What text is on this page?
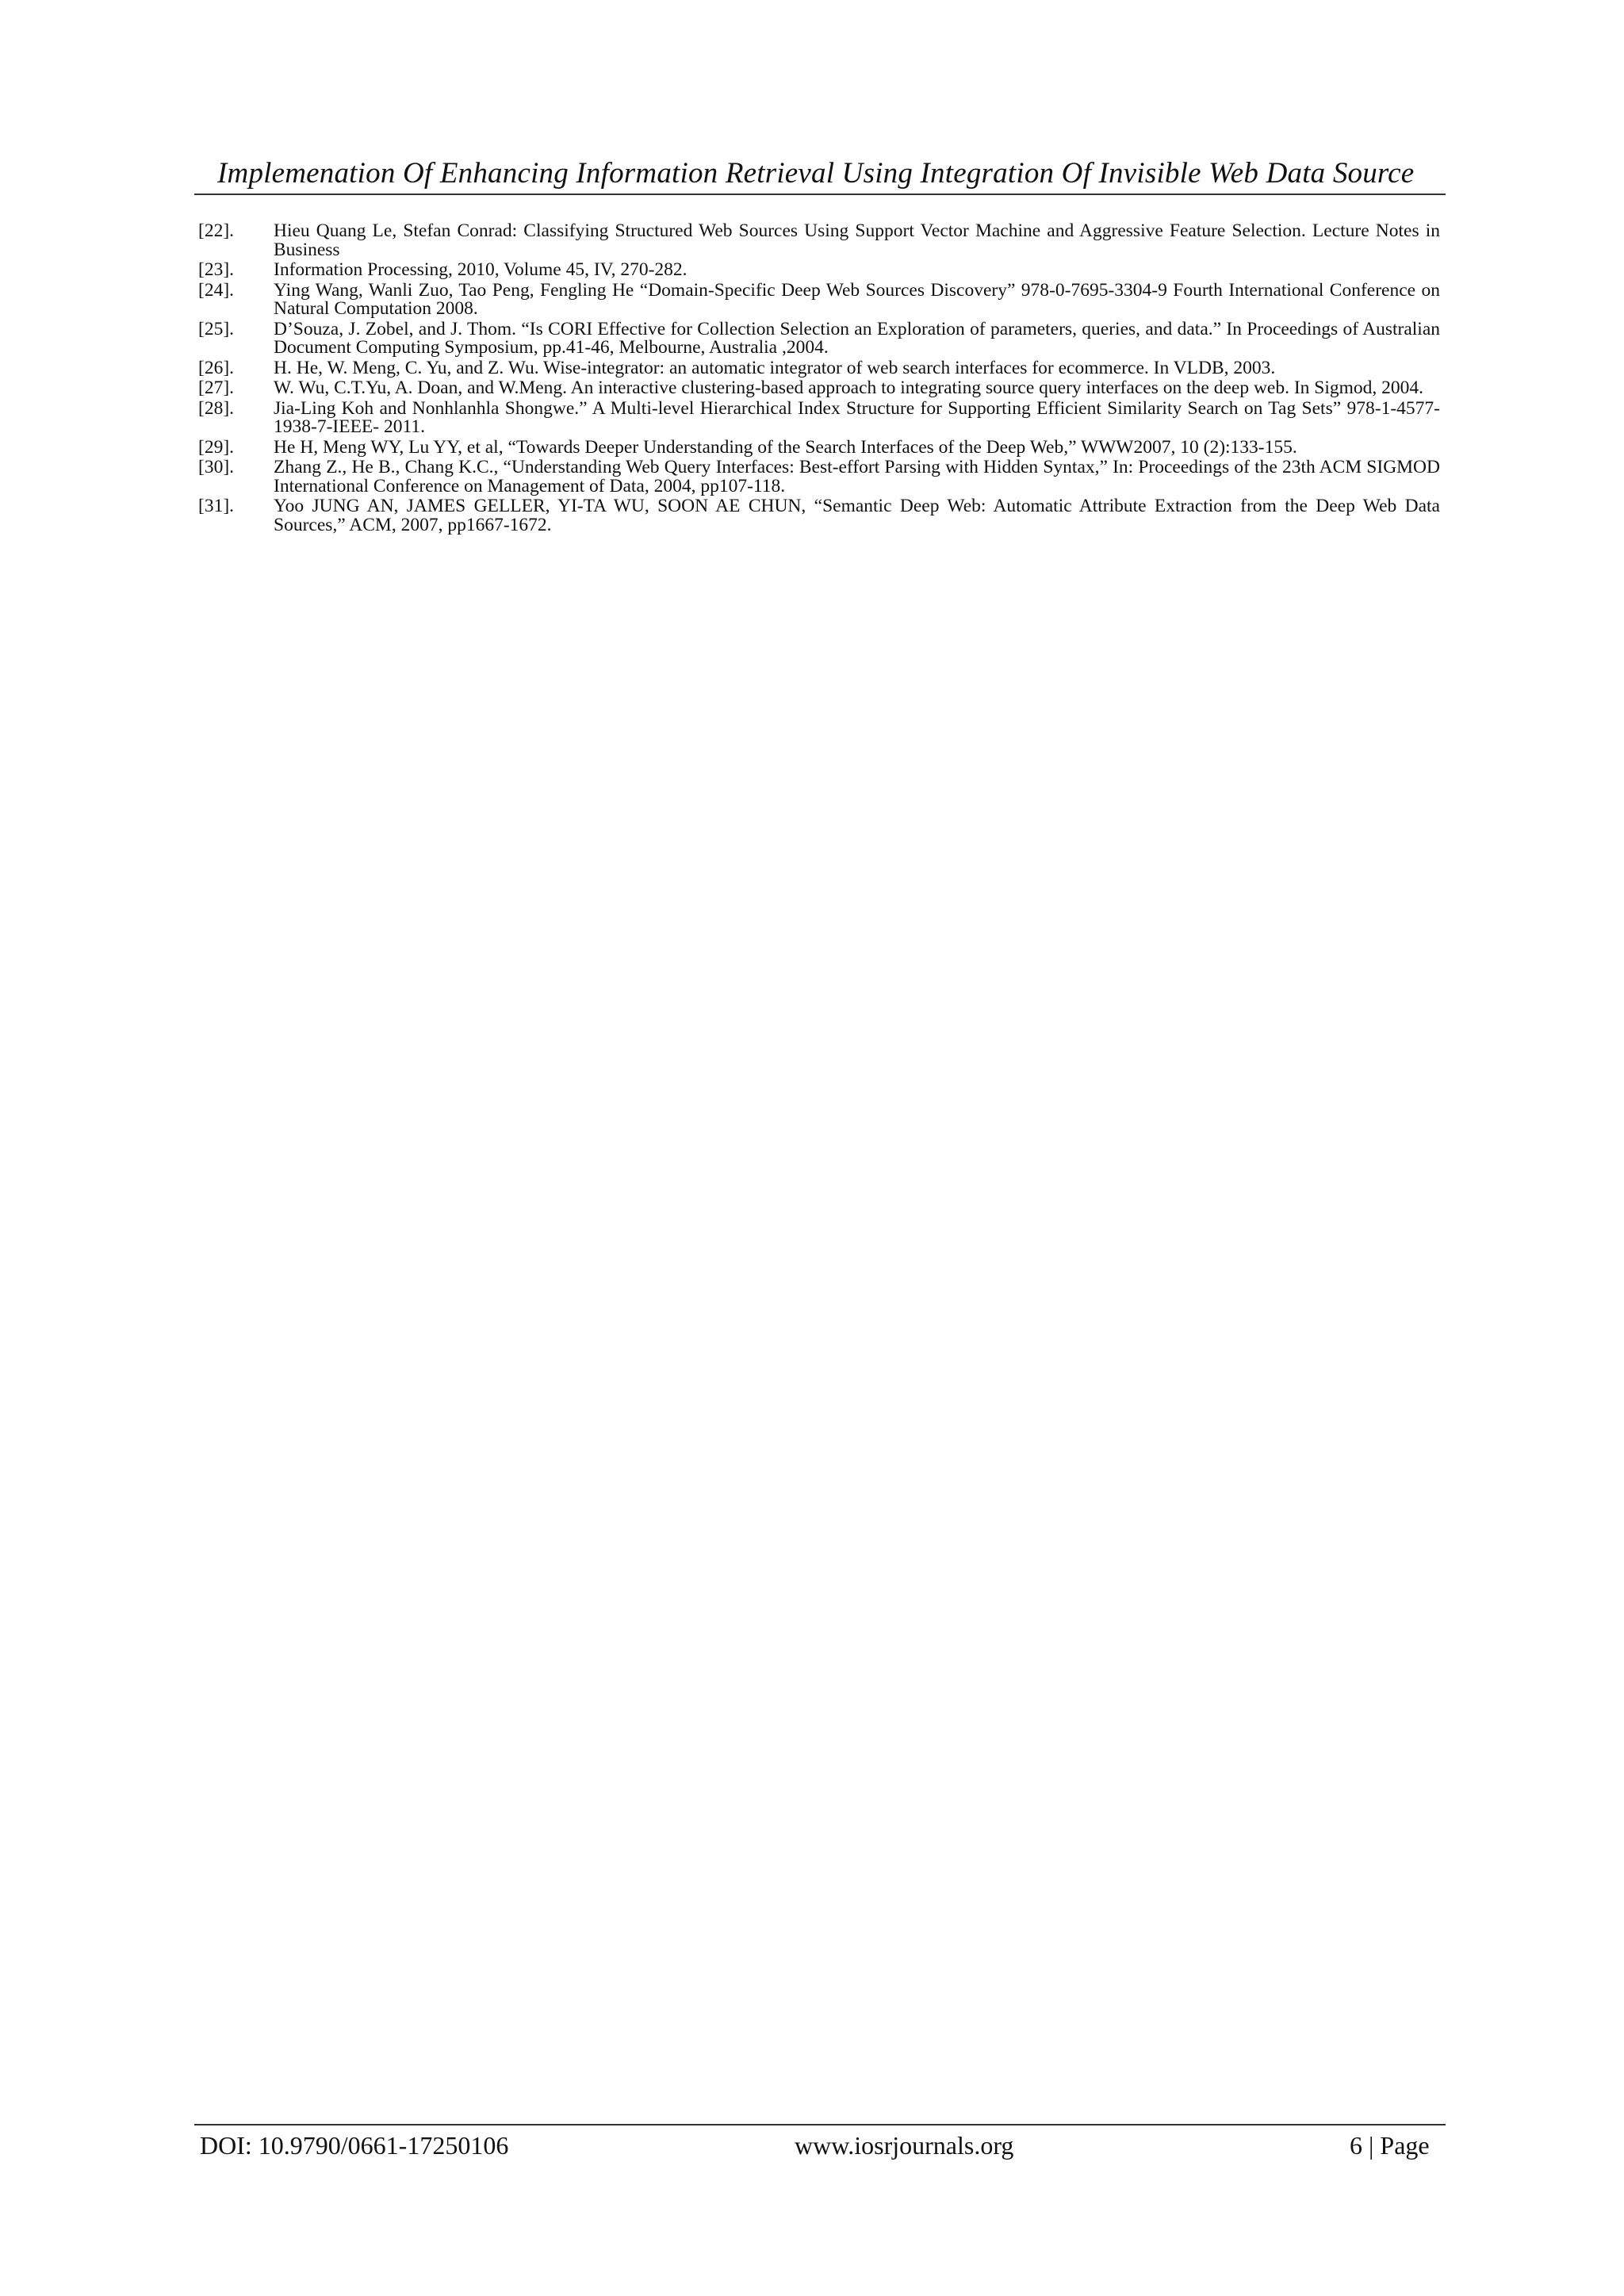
Implemenation Of Enhancing Information Retrieval Using Integration Of Invisible Web Data Source
[22]. Hieu Quang Le, Stefan Conrad: Classifying Structured Web Sources Using Support Vector Machine and Aggressive Feature Selection. Lecture Notes in Business
[23]. Information Processing, 2010, Volume 45, IV, 270-282.
[24]. Ying Wang, Wanli Zuo, Tao Peng, Fengling He “Domain-Specific Deep Web Sources Discovery” 978-0-7695-3304-9 Fourth International Conference on Natural Computation 2008.
[25]. D’Souza, J. Zobel, and J. Thom. “Is CORI Effective for Collection Selection an Exploration of parameters, queries, and data.” In Proceedings of Australian Document Computing Symposium, pp.41-46, Melbourne, Australia ,2004.
[26]. H. He, W. Meng, C. Yu, and Z. Wu. Wise-integrator: an automatic integrator of web search interfaces for ecommerce. In VLDB, 2003.
[27]. W. Wu, C.T.Yu, A. Doan, and W.Meng. An interactive clustering-based approach to integrating source query interfaces on the deep web. In Sigmod, 2004.
[28]. Jia-Ling Koh and Nonhlanhla Shongwe.” A Multi-level Hierarchical Index Structure for Supporting Efficient Similarity Search on Tag Sets” 978-1-4577-1938-7-IEEE- 2011.
[29]. He H, Meng WY, Lu YY, et al, “Towards Deeper Understanding of the Search Interfaces of the Deep Web,” WWW2007, 10 (2):133-155.
[30]. Zhang Z., He B., Chang K.C., “Understanding Web Query Interfaces: Best-effort Parsing with Hidden Syntax,” In: Proceedings of the 23th ACM SIGMOD International Conference on Management of Data, 2004, pp107-118.
[31]. Yoo JUNG AN, JAMES GELLER, YI-TA WU, SOON AE CHUN, “Semantic Deep Web: Automatic Attribute Extraction from the Deep Web Data Sources,” ACM, 2007, pp1667-1672.
DOI: 10.9790/0661-17250106	www.iosrjournals.org	6 | Page
